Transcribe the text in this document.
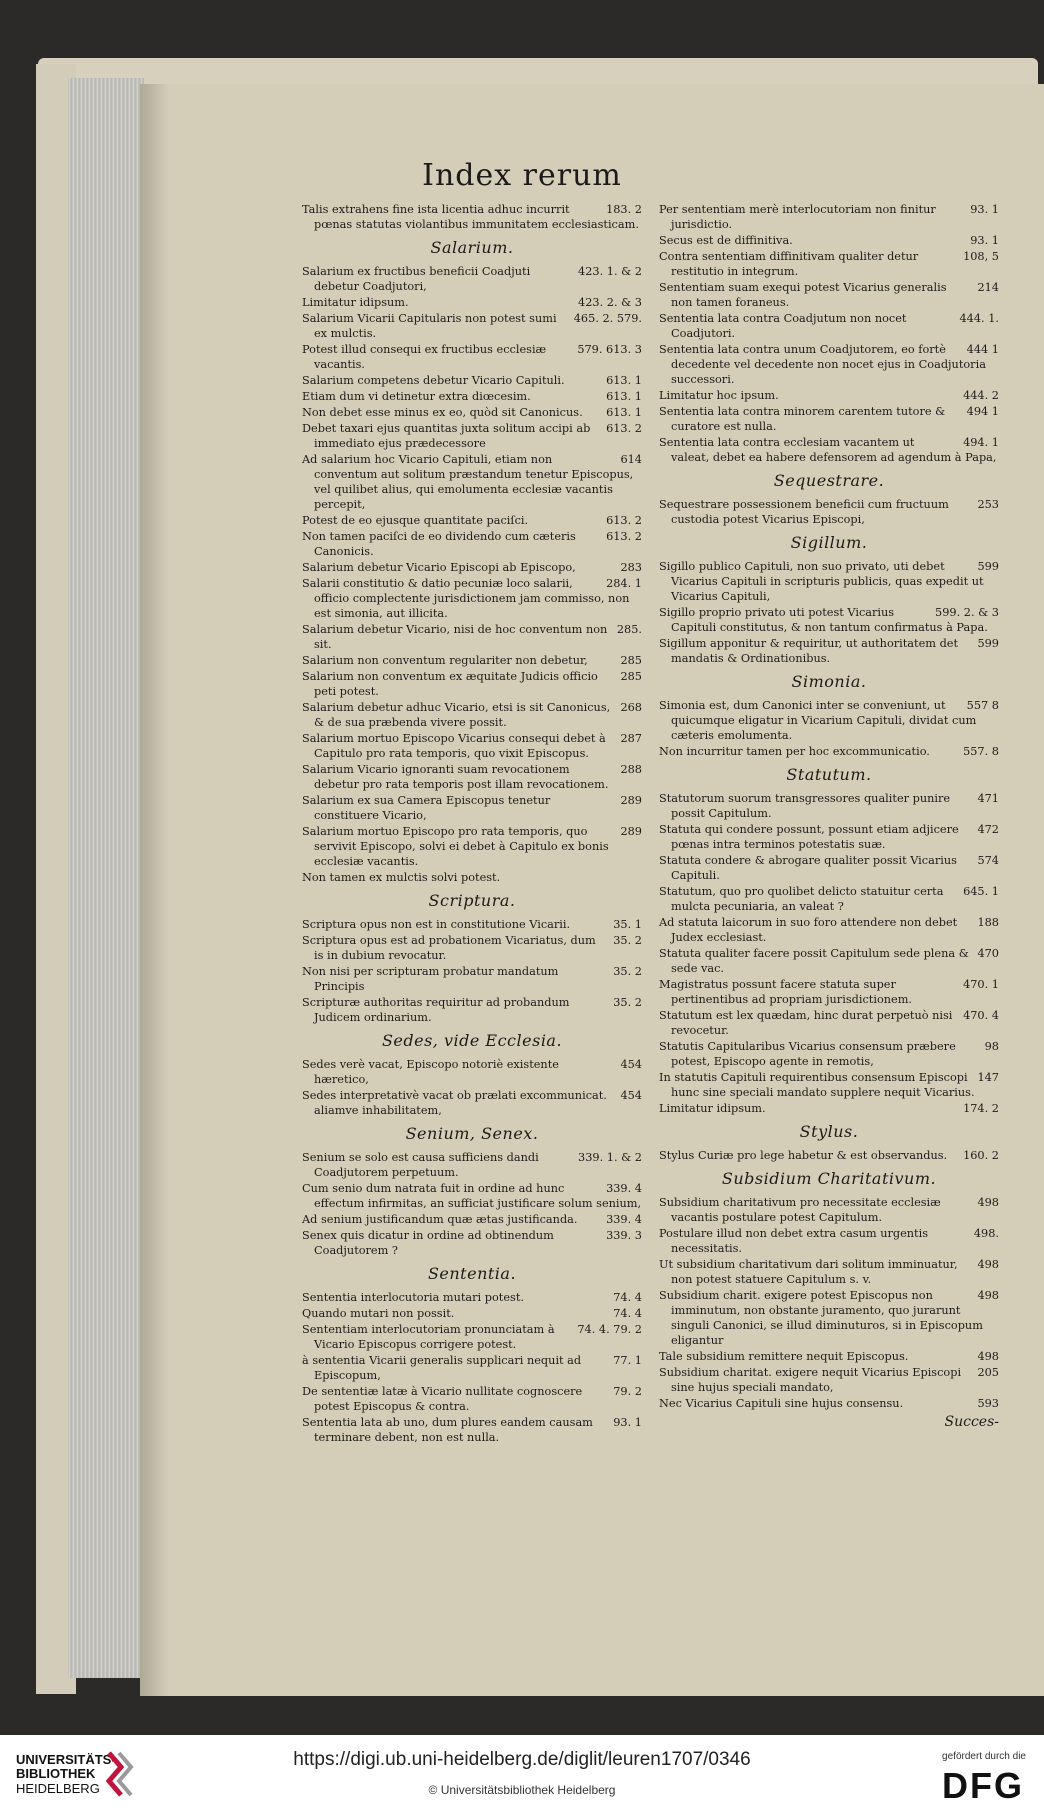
Index rerum
183. 2
Talis extrahens fine ista licentia adhuc incurrit pœnas statutas violantibus immunitatem ecclesiasticam.
Salarium.
423. 1. & 2
Salarium ex fructibus beneficii Coadjuti debetur Coadjutori,
423. 2. & 3
Limitatur idipsum.
465. 2. 579.
Salarium Vicarii Capitularis non potest sumi ex mulctis.
579. 613. 3
Potest illud consequi ex fructibus ecclesiæ vacantis.
613. 1
Salarium competens debetur Vicario Capituli.
613. 1
Etiam dum vi detinetur extra diœcesim.
613. 1
Non debet esse minus ex eo, quòd sit Canonicus.
613. 2
Debet taxari ejus quantitas juxta solitum accipi ab immediato ejus prædecessore
614
Ad salarium hoc Vicario Capituli, etiam non conventum aut solitum præstandum tenetur Episcopus, vel quilibet alius, qui emolumenta ecclesiæ vacantis percepit,
613. 2
Potest de eo ejusque quantitate paciſci.
613. 2
Non tamen paciſci de eo dividendo cum cæteris Canonicis.
283
Salarium debetur Vicario Episcopi ab Episcopo,
284. 1
Salarii constitutio & datio pecuniæ loco salarii, officio complectente jurisdictionem jam commisso, non est simonia, aut illicita.
285.
Salarium debetur Vicario, nisi de hoc conventum non sit.
285
Salarium non conventum regulariter non debetur,
285
Salarium non conventum ex æquitate Judicis officio peti potest.
268
Salarium debetur adhuc Vicario, etsi is sit Canonicus, & de sua præbenda vivere possit.
287
Salarium mortuo Episcopo Vicarius consequi debet à Capitulo pro rata temporis, quo vixit Episcopus.
288
Salarium Vicario ignoranti suam revocationem debetur pro rata temporis post illam revocationem.
289
Salarium ex sua Camera Episcopus tenetur constituere Vicario,
289
Salarium mortuo Episcopo pro rata temporis, quo servivit Episcopo, solvi ei debet à Capitulo ex bonis ecclesiæ vacantis.
Non tamen ex mulctis solvi potest.
Scriptura.
35. 1
Scriptura opus non est in constitutione Vicarii.
35. 2
Scriptura opus est ad probationem Vicariatus, dum is in dubium revocatur.
35. 2
Non nisi per scripturam probatur mandatum Principis
35. 2
Scripturæ authoritas requiritur ad probandum Judicem ordinarium.
Sedes, vide Ecclesia.
454
Sedes verè vacat, Episcopo notoriè existente hæretico,
454
Sedes interpretativè vacat ob prælati excommunicat. aliamve inhabilitatem,
Senium, Senex.
339. 1. & 2
Senium se solo est causa sufficiens dandi Coadjutorem perpetuum.
339. 4
Cum senio dum natrata fuit in ordine ad hunc effectum infirmitas, an sufficiat justificare solum senium,
339. 4
Ad senium justificandum quæ ætas justificanda.
339. 3
Senex quis dicatur in ordine ad obtinendum Coadjutorem ?
Sententia.
74. 4
Sententia interlocutoria mutari potest.
74. 4
Quando mutari non possit.
74. 4. 79. 2
Sententiam interlocutoriam pronunciatam à Vicario Episcopus corrigere potest.
77. 1
à sententia Vicarii generalis supplicari nequit ad Episcopum,
79. 2
De sententiæ latæ à Vicario nullitate cognoscere potest Episcopus & contra.
93. 1
Sententia lata ab uno, dum plures eandem causam terminare debent, non est nulla.
93. 1
Per sententiam merè interlocutoriam non finitur jurisdictio.
93. 1
Secus est de diffinitiva.
108, 5
Contra sententiam diffinitivam qualiter detur restitutio in integrum.
214
Sententiam suam exequi potest Vicarius generalis non tamen foraneus.
444. 1.
Sententia lata contra Coadjutum non nocet Coadjutori.
444 1
Sententia lata contra unum Coadjutorem, eo fortè decedente vel decedente non nocet ejus in Coadjutoria successori.
444. 2
Limitatur hoc ipsum.
494 1
Sententia lata contra minorem carentem tutore & curatore est nulla.
494. 1
Sententia lata contra ecclesiam vacantem ut valeat, debet ea habere defensorem ad agendum à Papa,
Sequestrare.
253
Sequestrare possessionem beneficii cum fructuum custodia potest Vicarius Episcopi,
Sigillum.
599
Sigillo publico Capituli, non suo privato, uti debet Vicarius Capituli in scripturis publicis, quas expedit ut Vicarius Capituli,
599. 2. & 3
Sigillo proprio privato uti potest Vicarius Capituli constitutus, & non tantum confirmatus à Papa.
599
Sigillum apponitur & requiritur, ut authoritatem det mandatis & Ordinationibus.
Simonia.
557 8
Simonia est, dum Canonici inter se conveniunt, ut quicumque eligatur in Vicarium Capituli, dividat cum cæteris emolumenta.
557. 8
Non incurritur tamen per hoc excommunicatio.
Statutum.
471
Statutorum suorum transgressores qualiter punire possit Capitulum.
472
Statuta qui condere possunt, possunt etiam adjicere pœnas intra terminos potestatis suæ.
574
Statuta condere & abrogare qualiter possit Vicarius Capituli.
645. 1
Statutum, quo pro quolibet delicto statuitur certa mulcta pecuniaria, an valeat ?
188
Ad statuta laicorum in suo foro attendere non debet Judex ecclesiast.
470
Statuta qualiter facere possit Capitulum sede plena & sede vac.
470. 1
Magistratus possunt facere statuta super pertinentibus ad propriam jurisdictionem.
470. 4
Statutum est lex quædam, hinc durat perpetuò nisi revocetur.
98
Statutis Capitularibus Vicarius consensum præbere potest, Episcopo agente in remotis,
147
In statutis Capituli requirentibus consensum Episcopi hunc sine speciali mandato supplere nequit Vicarius.
174. 2
Limitatur idipsum.
Stylus.
160. 2
Stylus Curiæ pro lege habetur & est observandus.
Subsidium Charitativum.
498
Subsidium charitativum pro necessitate ecclesiæ vacantis postulare potest Capitulum.
498.
Postulare illud non debet extra casum urgentis necessitatis.
498
Ut subsidium charitativum dari solitum imminuatur, non potest statuere Capitulum s. v.
498
Subsidium charit. exigere potest Episcopus non imminutum, non obstante juramento, quo jurarunt singuli Canonici, se illud diminuturos, si in Episcopum eligantur
498
Tale subsidium remittere nequit Episcopus.
205
Subsidium charitat. exigere nequit Vicarius Episcopi sine hujus speciali mandato,
593
Nec Vicarius Capituli sine hujus consensu.
Succes-
UNIVERSITÄTS-
BIBLIOTHEK
HEIDELBERG
https://digi.ub.uni-heidelberg.de/diglit/leuren1707/0346
© Universitätsbibliothek Heidelberg
gefördert durch die
DFG
